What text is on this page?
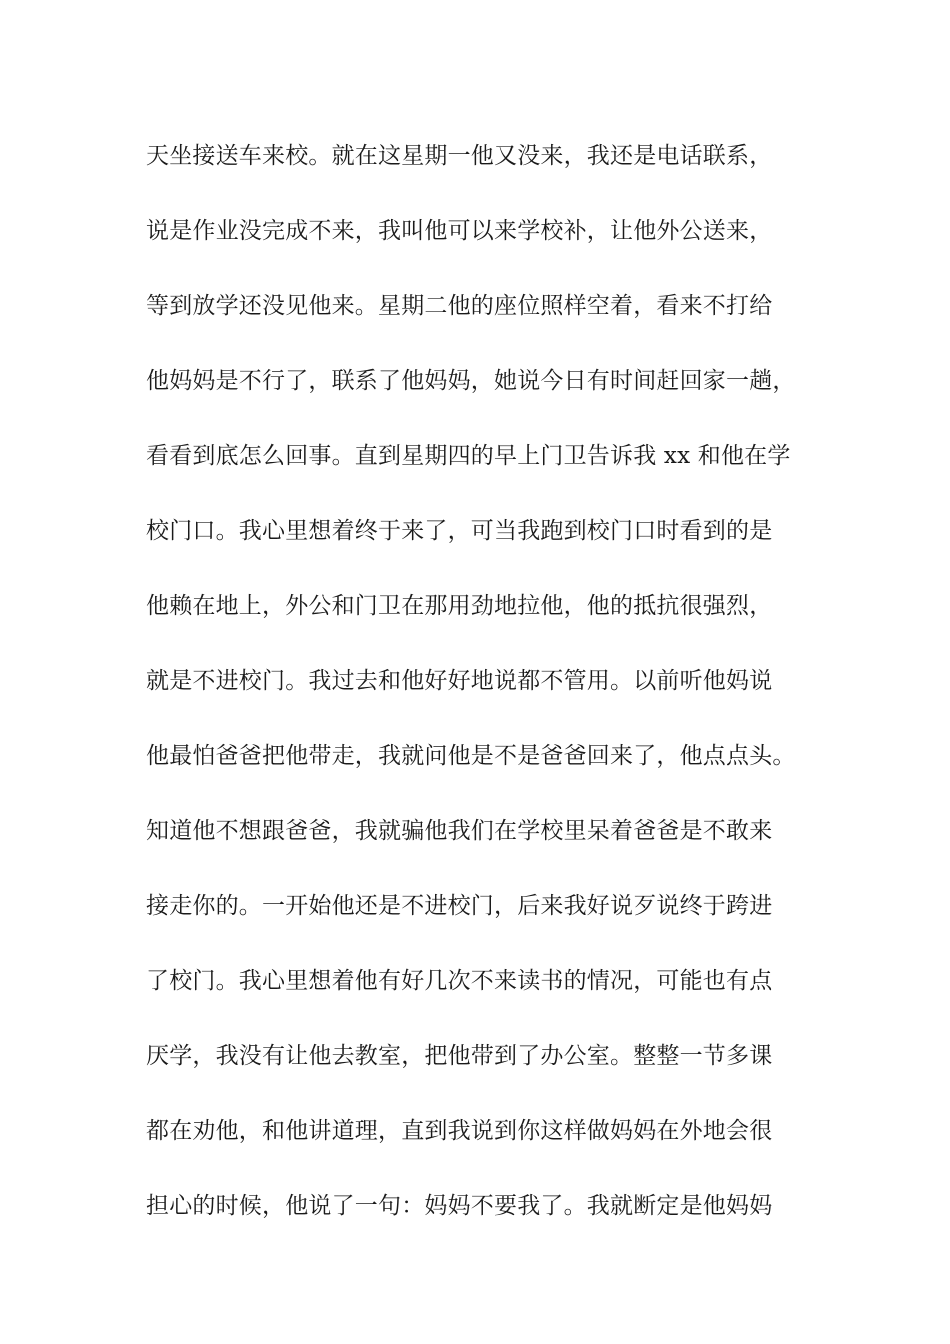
天坐接送车来校。就在这星期一他又没来，我还是电话联系，
说是作业没完成不来，我叫他可以来学校补，让他外公送来，
等到放学还没见他来。星期二他的座位照样空着，看来不打给
他妈妈是不行了，联系了他妈妈，她说今日有时间赶回家一趟，
看看到底怎么回事。直到星期四的早上门卫告诉我 xx 和他在学
校门口。我心里想着终于来了，可当我跑到校门口时看到的是
他赖在地上，外公和门卫在那用劲地拉他，他的抵抗很强烈，
就是不进校门。我过去和他好好地说都不管用。以前听他妈说
他最怕爸爸把他带走，我就问他是不是爸爸回来了，他点点头。
知道他不想跟爸爸，我就骗他我们在学校里呆着爸爸是不敢来
接走你的。一开始他还是不进校门，后来我好说歹说终于跨进
了校门。我心里想着他有好几次不来读书的情况，可能也有点
厌学，我没有让他去教室，把他带到了办公室。整整一节多课
都在劝他，和他讲道理，直到我说到你这样做妈妈在外地会很
担心的时候，他说了一句：妈妈不要我了。我就断定是他妈妈
